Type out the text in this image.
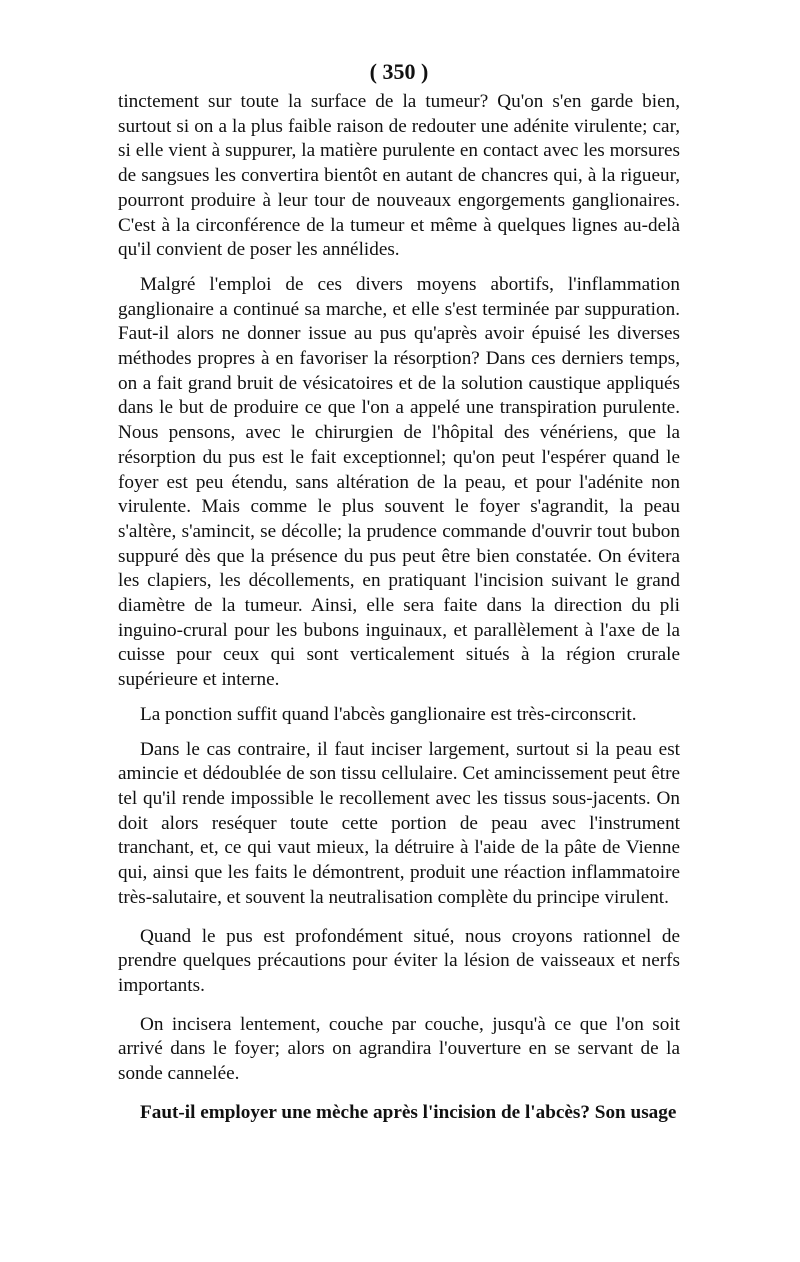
( 350 )

tinctement sur toute la surface de la tumeur? Qu'on s'en garde bien, surtout si on a la plus faible raison de redouter une adénite virulente; car, si elle vient à suppurer, la matière purulente en contact avec les morsures de sangsues les convertira bientôt en autant de chancres qui, à la rigueur, pourront produire à leur tour de nouveaux engorgements ganglionaires. C'est à la circonférence de la tumeur et même à quelques lignes au-delà qu'il convient de poser les annélides.

Malgré l'emploi de ces divers moyens abortifs, l'inflammation ganglionaire a continué sa marche, et elle s'est terminée par suppuration. Faut-il alors ne donner issue au pus qu'après avoir épuisé les diverses méthodes propres à en favoriser la résorption? Dans ces derniers temps, on a fait grand bruit de vésicatoires et de la solution caustique appliqués dans le but de produire ce que l'on a appelé une transpiration purulente. Nous pensons, avec le chirurgien de l'hôpital des vénériens, que la résorption du pus est le fait exceptionnel; qu'on peut l'espérer quand le foyer est peu étendu, sans altération de la peau, et pour l'adénite non virulente. Mais comme le plus souvent le foyer s'agrandit, la peau s'altère, s'amincit, se décolle; la prudence commande d'ouvrir tout bubon suppuré dès que la présence du pus peut être bien constatée. On évitera les clapiers, les décollements, en pratiquant l'incision suivant le grand diamètre de la tumeur. Ainsi, elle sera faite dans la direction du pli inguino-crural pour les bubons inguinaux, et parallèlement à l'axe de la cuisse pour ceux qui sont verticalement situés à la région crurale supérieure et interne.

La ponction suffit quand l'abcès ganglionaire est très-circonscrit.

Dans le cas contraire, il faut inciser largement, surtout si la peau est amincie et dédoublée de son tissu cellulaire. Cet amincissement peut être tel qu'il rende impossible le recollement avec les tissus sous-jacents. On doit alors reséquer toute cette portion de peau avec l'instrument tranchant, et, ce qui vaut mieux, la détruire à l'aide de la pâte de Vienne qui, ainsi que les faits le démontrent, produit une réaction inflammatoire très-salutaire, et souvent la neutralisation complète du principe virulent.

Quand le pus est profondément situé, nous croyons rationnel de prendre quelques précautions pour éviter la lésion de vaisseaux et nerfs importants.

On incisera lentement, couche par couche, jusqu'à ce que l'on soit arrivé dans le foyer; alors on agrandira l'ouverture en se servant de la sonde cannelée.

Faut-il employer une mèche après l'incision de l'abcès? Son usage
